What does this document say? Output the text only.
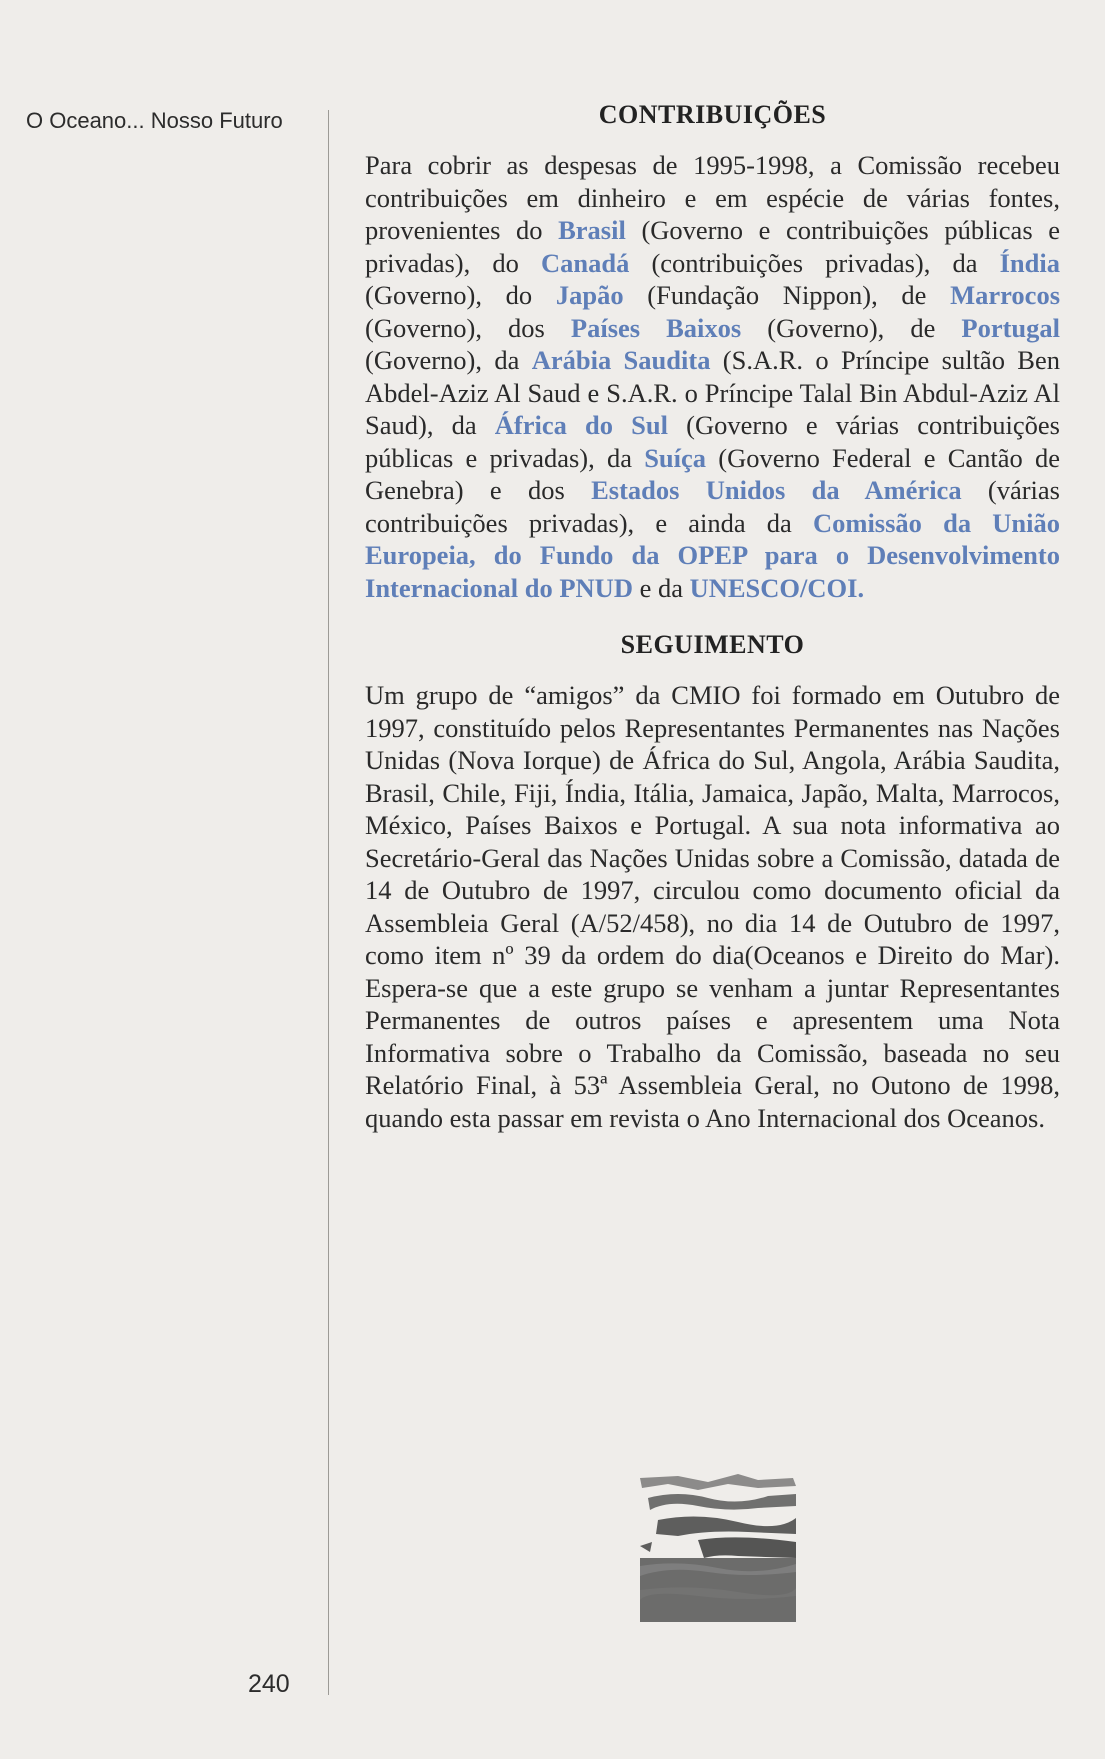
O Oceano... Nosso Futuro	CONTRIBUIÇÕES

Para cobrir as despesas de 1995-1998, a Comissão recebeu contribuições em dinheiro e em espécie de várias fontes, provenientes do Brasil (Governo e contribuições públicas e privadas), do Canadá (contribuições privadas), da Índia (Governo), do Japão (Fundação Nippon), de Marrocos (Governo), dos Países Baixos (Governo), de Portugal (Governo), da Arábia Saudita (S.A.R. o Príncipe sultão Ben Abdel-Aziz Al Saud e S.A.R. o Príncipe Talal Bin Abdul-Aziz Al Saud), da África do Sul (Governo e várias contribuições públicas e privadas), da Suíça (Governo Federal e Cantão de Genebra) e dos Estados Unidos da América (várias contribuições privadas), e ainda da Comissão da União Europeia, do Fundo da OPEP para o Desenvolvimento Internacional do PNUD e da UNESCO/COI.

SEGUIMENTO

Um grupo de “amigos” da CMIO foi formado em Outubro de 1997, constituído pelos Representantes Permanentes nas Nações Unidas (Nova Iorque) de África do Sul, Angola, Arábia Saudita, Brasil, Chile, Fiji, Índia, Itália, Jamaica, Japão, Malta, Marrocos, México, Países Baixos e Portugal. A sua nota informativa ao Secretário-Geral das Nações Unidas sobre a Comissão, datada de 14 de Outubro de 1997, circulou como documento oficial da Assembleia Geral (A/52/458), no dia 14 de Outubro de 1997, como item nº 39 da ordem do dia(Oceanos e Direito do Mar). Espera-se que a este grupo se venham a juntar Representantes Permanentes de outros países e apresentem uma Nota Informativa sobre o Trabalho da Comissão, baseada no seu Relatório Final, à 53ª Assembleia Geral, no Outono de 1998, quando esta passar em revista o Ano Internacional dos Oceanos.

240
